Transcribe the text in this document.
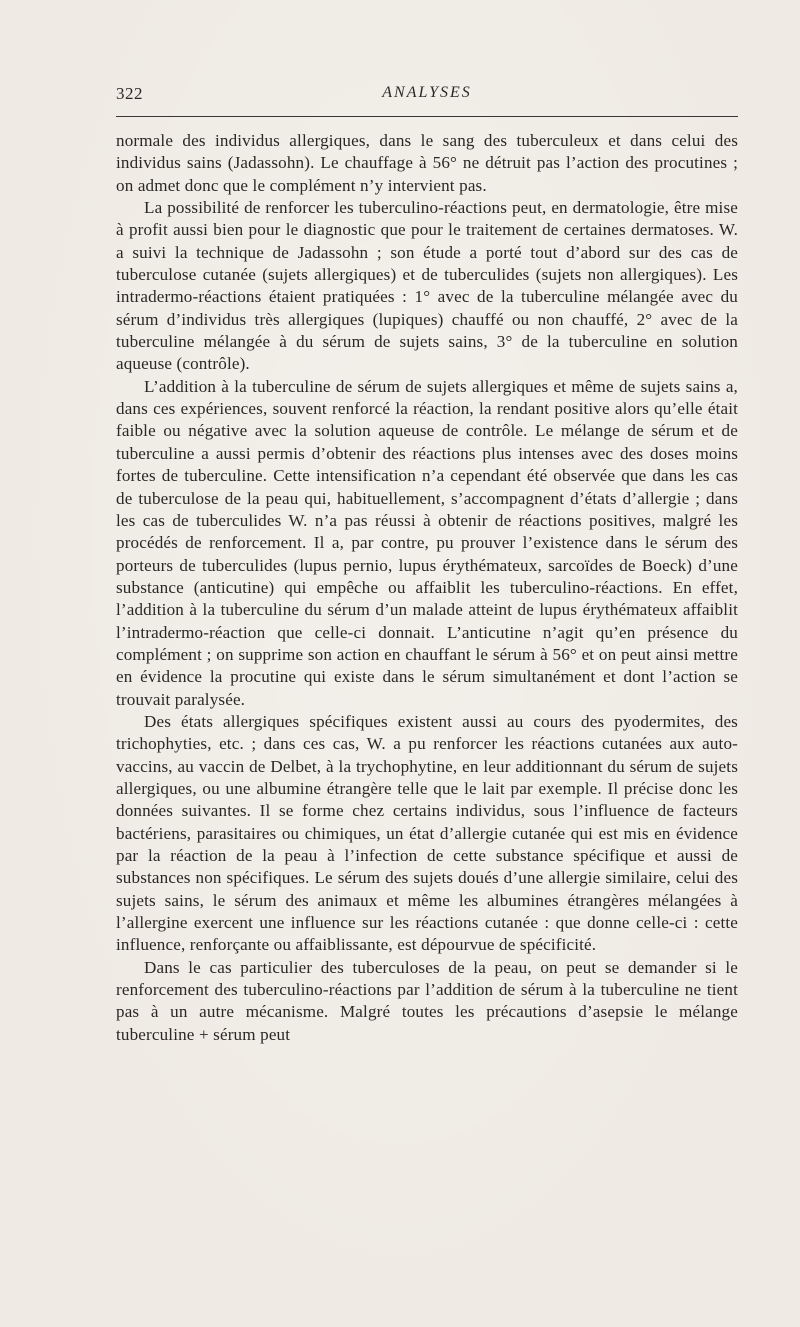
322	ANALYSES

normale des individus allergiques, dans le sang des tuberculeux et dans celui des individus sains (Jadassohn). Le chauffage à 56° ne détruit pas l’action des procutines ; on admet donc que le complément n’y intervient pas.

La possibilité de renforcer les tuberculino-réactions peut, en dermatologie, être mise à profit aussi bien pour le diagnostic que pour le traitement de certaines dermatoses. W. a suivi la technique de Jadassohn ; son étude a porté tout d’abord sur des cas de tuberculose cutanée (sujets allergiques) et de tuberculides (sujets non allergiques). Les intradermo-réactions étaient pratiquées : 1° avec de la tuberculine mélangée avec du sérum d’individus très allergiques (lupiques) chauffé ou non chauffé, 2° avec de la tuberculine mélangée à du sérum de sujets sains, 3° de la tuberculine en solution aqueuse (contrôle).

L’addition à la tuberculine de sérum de sujets allergiques et même de sujets sains a, dans ces expériences, souvent renforcé la réaction, la rendant positive alors qu’elle était faible ou négative avec la solution aqueuse de contrôle. Le mélange de sérum et de tuberculine a aussi permis d’obtenir des réactions plus intenses avec des doses moins fortes de tuberculine. Cette intensification n’a cependant été observée que dans les cas de tuberculose de la peau qui, habituellement, s’accompagnent d’états d’allergie ; dans les cas de tuberculides W. n’a pas réussi à obtenir de réactions positives, malgré les procédés de renforcement. Il a, par contre, pu prouver l’existence dans le sérum des porteurs de tuberculides (lupus pernio, lupus érythémateux, sarcoïdes de Boeck) d’une substance (anticutine) qui empêche ou affaiblit les tuberculino-réactions. En effet, l’addition à la tuberculine du sérum d’un malade atteint de lupus érythémateux affaiblit l’intradermo-réaction que celle-ci donnait. L’anticutine n’agit qu’en présence du complément ; on supprime son action en chauffant le sérum à 56° et on peut ainsi mettre en évidence la procutine qui existe dans le sérum simultanément et dont l’action se trouvait paralysée.

Des états allergiques spécifiques existent aussi au cours des pyodermites, des trichophyties, etc. ; dans ces cas, W. a pu renforcer les réactions cutanées aux auto-vaccins, au vaccin de Delbet, à la trychophytine, en leur additionnant du sérum de sujets allergiques, ou une albumine étrangère telle que le lait par exemple. Il précise donc les données suivantes. Il se forme chez certains individus, sous l’influence de facteurs bactériens, parasitaires ou chimiques, un état d’allergie cutanée qui est mis en évidence par la réaction de la peau à l’infection de cette substance spécifique et aussi de substances non spécifiques. Le sérum des sujets doués d’une allergie similaire, celui des sujets sains, le sérum des animaux et même les albumines étrangères mélangées à l’allergine exercent une influence sur les réactions cutanée : que donne celle-ci : cette influence, renforçante ou affaiblissante, est dépourvue de spécificité.

Dans le cas particulier des tuberculoses de la peau, on peut se demander si le renforcement des tuberculino-réactions par l’addition de sérum à la tuberculine ne tient pas à un autre mécanisme. Malgré toutes les précautions d’asepsie le mélange tuberculine + sérum peut
